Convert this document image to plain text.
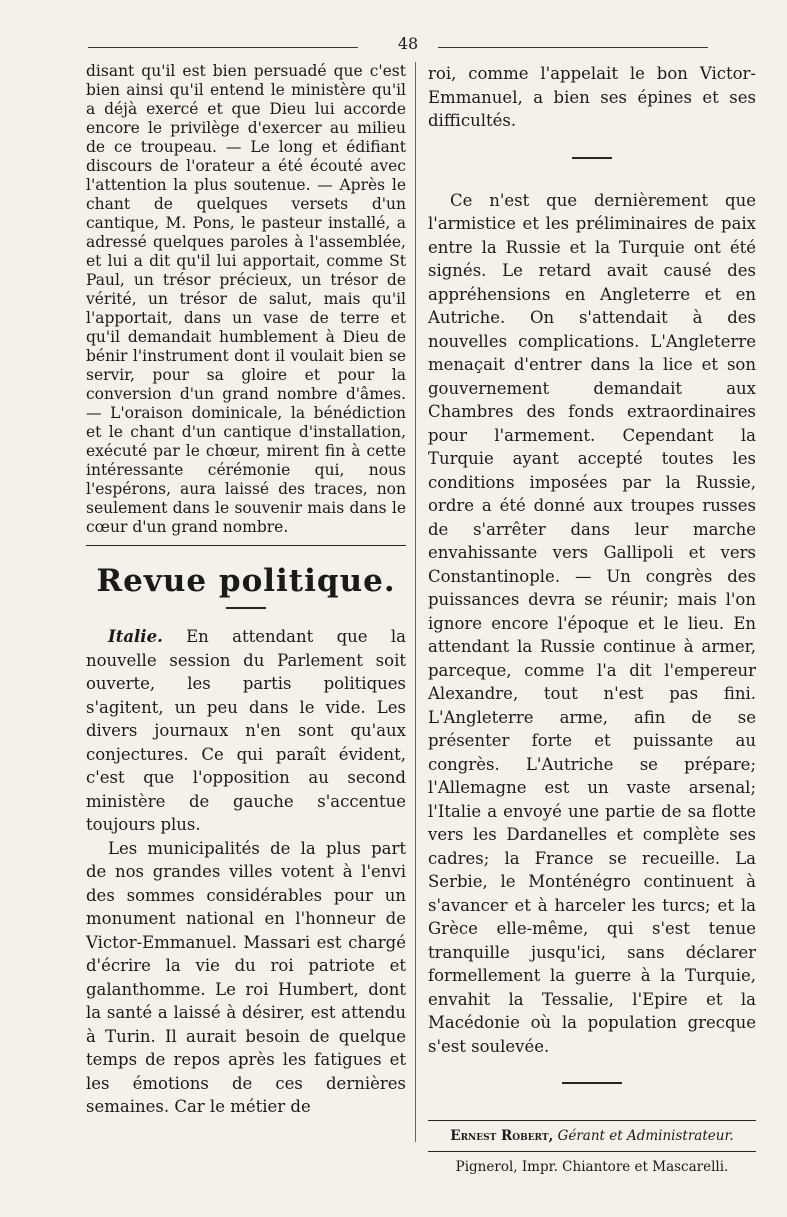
48

disant qu'il est bien persuadé que c'est bien ainsi qu'il entend le ministère qu'il a déjà exercé et que Dieu lui accorde encore le privilège d'exercer au milieu de ce troupeau. — Le long et édifiant discours de l'orateur a été écouté avec l'attention la plus soutenue. — Après le chant de quelques versets d'un cantique, M. Pons, le pasteur installé, a adressé quelques paroles à l'assemblée, et lui a dit qu'il lui apportait, comme St Paul, un trésor précieux, un trésor de vérité, un trésor de salut, mais qu'il l'apportait, dans un vase de terre et qu'il demandait humblement à Dieu de bénir l'instrument dont il voulait bien se servir, pour sa gloire et pour la conversion d'un grand nombre d'âmes. — L'oraison dominicale, la bénédiction et le chant d'un cantique d'installation, exécuté par le chœur, mirent fin à cette intéressante cérémonie qui, nous l'espérons, aura laissé des traces, non seulement dans le souvenir mais dans le cœur d'un grand nombre.

Revue politique.

Italie. En attendant que la nouvelle session du Parlement soit ouverte, les partis politiques s'agitent, un peu dans le vide. Les divers journaux n'en sont qu'aux conjectures. Ce qui paraît évident, c'est que l'opposition au second ministère de gauche s'accentue toujours plus.

Les municipalités de la plus part de nos grandes villes votent à l'envi des sommes considérables pour un monument national en l'honneur de Victor-Emmanuel. Massari est chargé d'écrire la vie du roi patriote et galanthomme. Le roi Humbert, dont la santé a laissé à désirer, est attendu à Turin. Il aurait besoin de quelque temps de repos après les fatigues et les émotions de ces dernières semaines. Car le métier de

roi, comme l'appelait le bon Victor-Emmanuel, a bien ses épines et ses difficultés.

Ce n'est que dernièrement que l'armistice et les préliminaires de paix entre la Russie et la Turquie ont été signés. Le retard avait causé des appréhensions en Angleterre et en Autriche. On s'attendait à des nouvelles complications. L'Angleterre menaçait d'entrer dans la lice et son gouvernement demandait aux Chambres des fonds extraordinaires pour l'armement. Cependant la Turquie ayant accepté toutes les conditions imposées par la Russie, ordre a été donné aux troupes russes de s'arrêter dans leur marche envahissante vers Gallipoli et vers Constantinople. — Un congrès des puissances devra se réunir; mais l'on ignore encore l'époque et le lieu. En attendant la Russie continue à armer, parceque, comme l'a dit l'empereur Alexandre, tout n'est pas fini. L'Angleterre arme, afin de se présenter forte et puissante au congrès. L'Autriche se prépare; l'Allemagne est un vaste arsenal; l'Italie a envoyé une partie de sa flotte vers les Dardanelles et complète ses cadres; la France se recueille. La Serbie, le Monténégro continuent à s'avancer et à harceler les turcs; et la Grèce elle-même, qui s'est tenue tranquille jusqu'ici, sans déclarer formellement la guerre à la Turquie, envahit la Tessalie, l'Epire et la Macédonie où la population grecque s'est soulevée.

Ernest Robert, Gérant et Administrateur.

Pignerol, Impr. Chiantore et Mascarelli.
